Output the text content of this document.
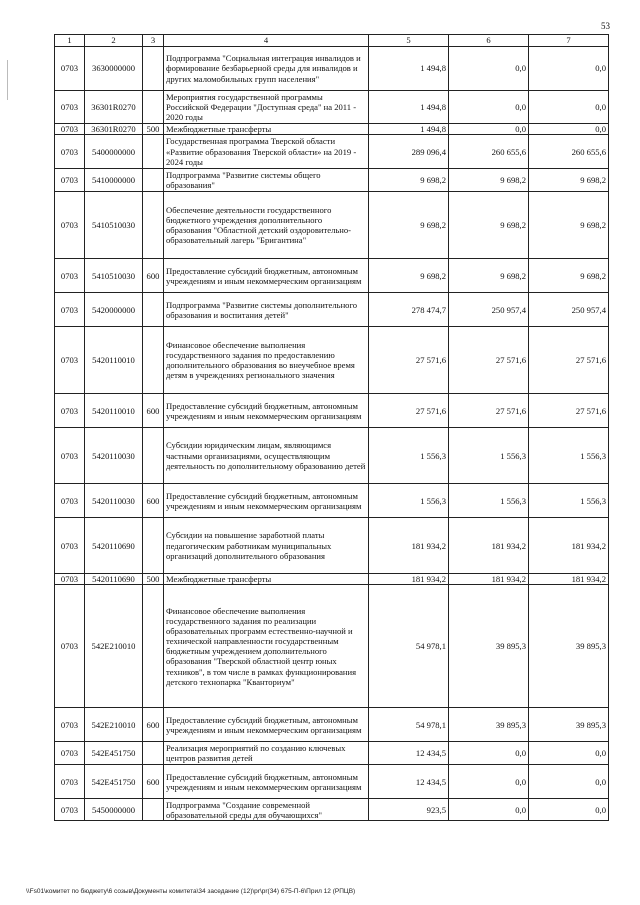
53
1	2	3	4	5	6	7
0703	3630000000		Подпрограмма "Социальная интеграция инвалидов и формирование безбарьерной среды для инвалидов и других маломобильных групп населения"	1 494,8	0,0	0,0
0703	36301R0270		Мероприятия государственной программы Российской Федерации "Доступная среда" на 2011 - 2020 годы	1 494,8	0,0	0,0
0703	36301R0270	500	Межбюджетные трансферты	1 494,8	0,0	0,0
0703	5400000000		Государственная программа Тверской области «Развитие образования Тверской области» на 2019 - 2024 годы	289 096,4	260 655,6	260 655,6
0703	5410000000		Подпрограмма "Развитие системы общего образования"	9 698,2	9 698,2	9 698,2
0703	5410510030		Обеспечение деятельности государственного бюджетного учреждения дополнительного образования "Областной детский оздоровительно-образовательный лагерь "Бригантина"	9 698,2	9 698,2	9 698,2
0703	5410510030	600	Предоставление субсидий бюджетным, автономным учреждениям и иным некоммерческим организациям	9 698,2	9 698,2	9 698,2
0703	5420000000		Подпрограмма "Развитие системы дополнительного образования и воспитания детей"	278 474,7	250 957,4	250 957,4
0703	5420110010		Финансовое обеспечение выполнения государственного задания по предоставлению дополнительного образования во внеучебное время детям в учреждениях регионального значения	27 571,6	27 571,6	27 571,6
0703	5420110010	600	Предоставление субсидий бюджетным, автономным учреждениям и иным некоммерческим организациям	27 571,6	27 571,6	27 571,6
0703	5420110030		Субсидии юридическим лицам, являющимся частными организациями, осуществляющим деятельность по дополнительному образованию детей	1 556,3	1 556,3	1 556,3
0703	5420110030	600	Предоставление субсидий бюджетным, автономным учреждениям и иным некоммерческим организациям	1 556,3	1 556,3	1 556,3
0703	5420110690		Субсидии на повышение заработной платы педагогическим работникам муниципальных организаций дополнительного образования	181 934,2	181 934,2	181 934,2
0703	5420110690	500	Межбюджетные трансферты	181 934,2	181 934,2	181 934,2
0703	542E210010		Финансовое обеспечение выполнения государственного задания по реализации образовательных программ естественно-научной и технической направленности государственным бюджетным учреждением дополнительного образования "Тверской областной центр юных техников", в том числе в рамках функционирования детского технопарка "Кванториум"	54 978,1	39 895,3	39 895,3
0703	542E210010	600	Предоставление субсидий бюджетным, автономным учреждениям и иным некоммерческим организациям	54 978,1	39 895,3	39 895,3
0703	542E451750		Реализация мероприятий по созданию ключевых центров развития детей	12 434,5	0,0	0,0
0703	542E451750	600	Предоставление субсидий бюджетным, автономным учреждениям и иным некоммерческим организациям	12 434,5	0,0	0,0
0703	5450000000		Подпрограмма "Создание современной образовательной среды для обучающихся"	923,5	0,0	0,0
\\Fs01\комитет по бюджету\6 созыв\Документы комитета\34 заседание (12)\pr\pr(34) 675-П-6\Прил 12 (РПЦВ)
